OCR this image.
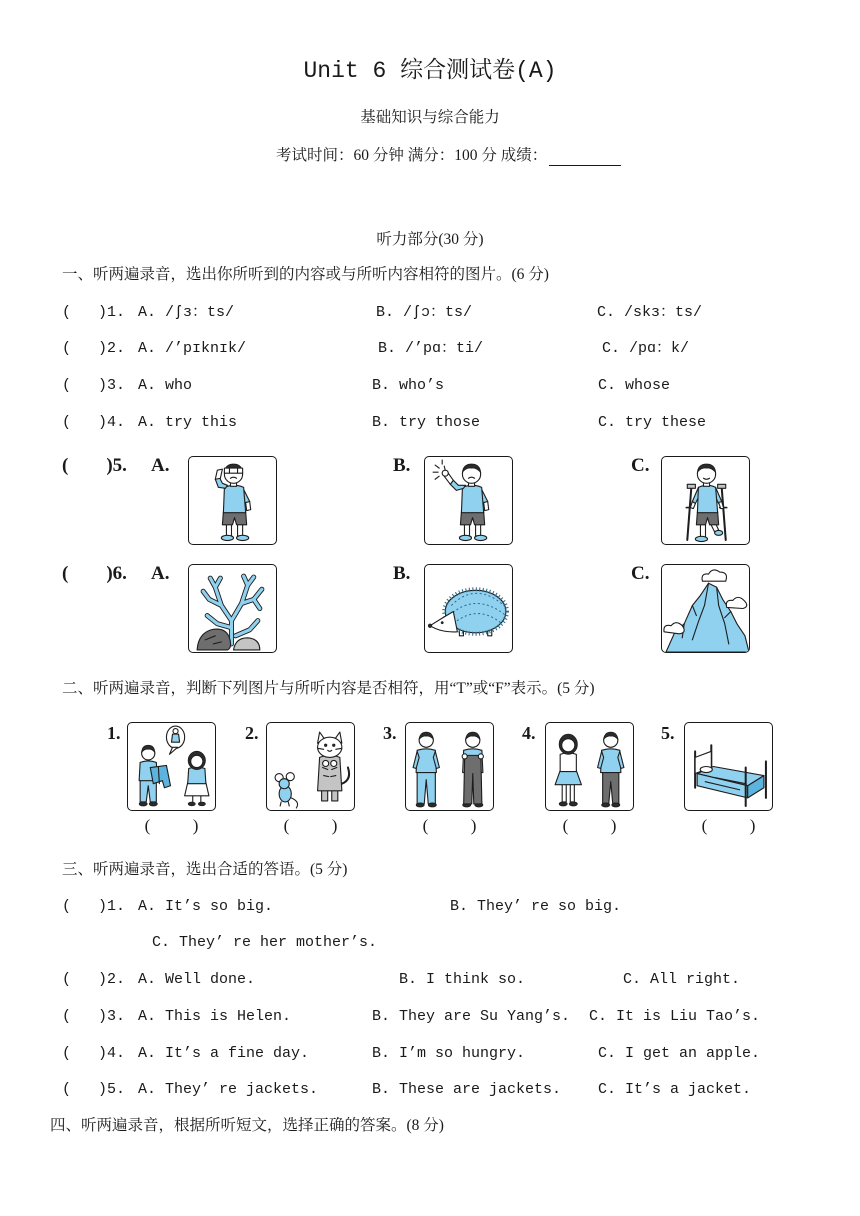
Unit 6 综合测试卷(A)
基础知识与综合能力
考试时间：60 分钟 满分：100 分 成绩：
听力部分(30 分)
一、听两遍录音，选出你所听到的内容或与所听内容相符的图片。(6 分)

(   )1.

A. /ʃɜ：ts/

	B. /ʃɔ：ts/

	C. /skɜ：ts/

(   )2.

A. /’pɪknɪk/

	B. /’pɑ：ti/

	C. /pɑ：k/

(   )3.

A. who

	B. who’s

	C. whose

(   )4.

A. try this

	B. try those

	C. try these

(        )5.

A.

	B.

	C.

(        )6.

A.

	B.

	C.

二、听两遍录音，判断下列图片与所听内容是否相符，用“T”或“F”表示。(5 分)
1.
(          )
2.
(          )
3.
(          )
4.
(          )
5.
(          )
三、听两遍录音，选出合适的答语。(5 分)

(   )1.

A. It’s so big.

	B. They’ re so big.

C. They’ re her mother’s.

(   )2.

A. Well done.

	B. I think so.

	C. All right.

(   )3.

A. This is Helen.

	B. They are Su Yang’s.

C. It is Liu Tao’s.

(   )4.

A. It’s a fine day.

	B. I’m so hungry.

	C. I get an apple.

(   )5.

A. They’ re jackets.

	B. These are jackets.

C. It’s a jacket.

四、听两遍录音，根据所听短文，选择正确的答案。(8 分)
